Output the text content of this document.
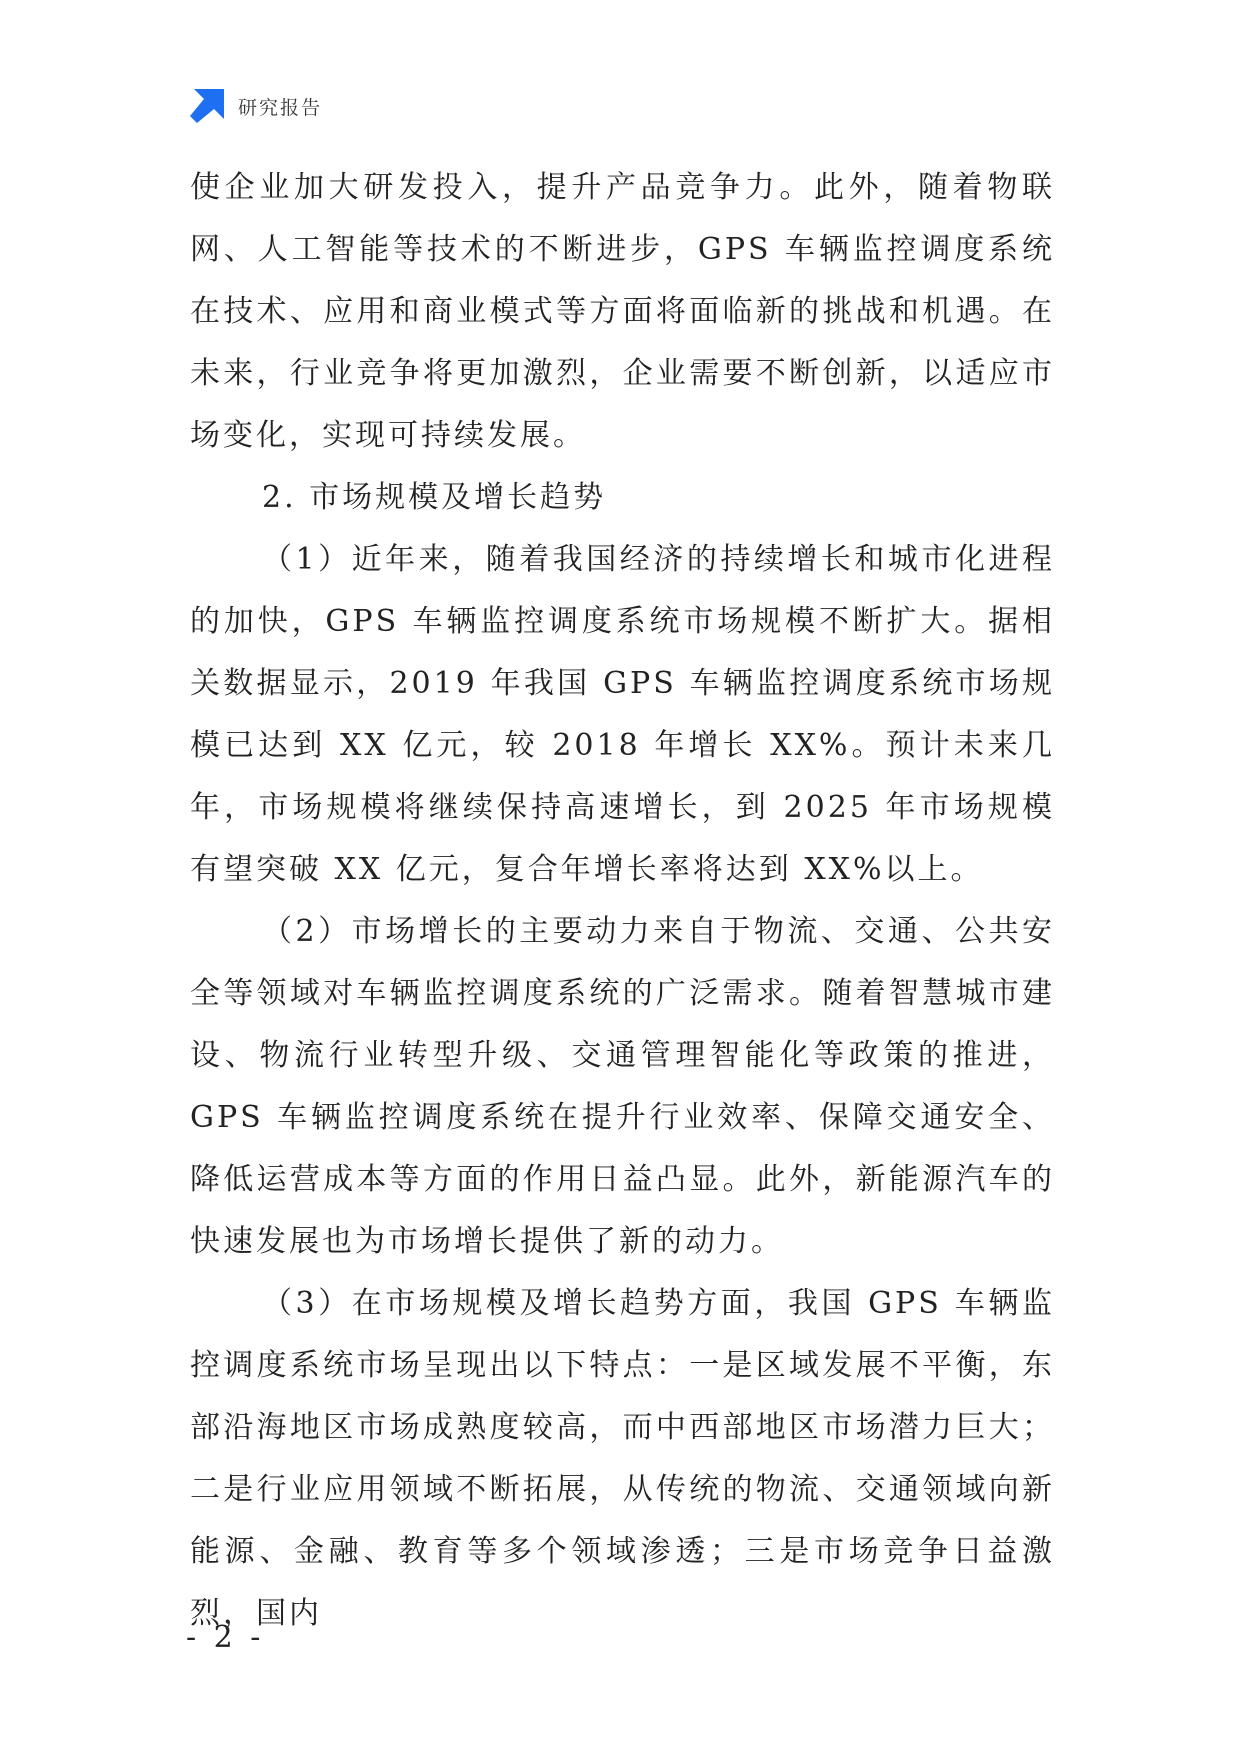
研究报告

使企业加大研发投入，提升产品竞争力。此外，随着物联网、人工智能等技术的不断进步，GPS 车辆监控调度系统在技术、应用和商业模式等方面将面临新的挑战和机遇。在未来，行业竞争将更加激烈，企业需要不断创新，以适应市场变化，实现可持续发展。

2. 市场规模及增长趋势

（1）近年来，随着我国经济的持续增长和城市化进程的加快，GPS 车辆监控调度系统市场规模不断扩大。据相关数据显示，2019 年我国 GPS 车辆监控调度系统市场规模已达到 XX 亿元，较 2018 年增长 XX%。预计未来几年，市场规模将继续保持高速增长，到 2025 年市场规模有望突破 XX 亿元，复合年增长率将达到 XX%以上。

（2）市场增长的主要动力来自于物流、交通、公共安全等领域对车辆监控调度系统的广泛需求。随着智慧城市建设、物流行业转型升级、交通管理智能化等政策的推进，GPS 车辆监控调度系统在提升行业效率、保障交通安全、降低运营成本等方面的作用日益凸显。此外，新能源汽车的快速发展也为市场增长提供了新的动力。

（3）在市场规模及增长趋势方面，我国 GPS 车辆监控调度系统市场呈现出以下特点：一是区域发展不平衡，东部沿海地区市场成熟度较高，而中西部地区市场潜力巨大；二是行业应用领域不断拓展，从传统的物流、交通领域向新能源、金融、教育等多个领域渗透；三是市场竞争日益激烈，国内

- 2 -
